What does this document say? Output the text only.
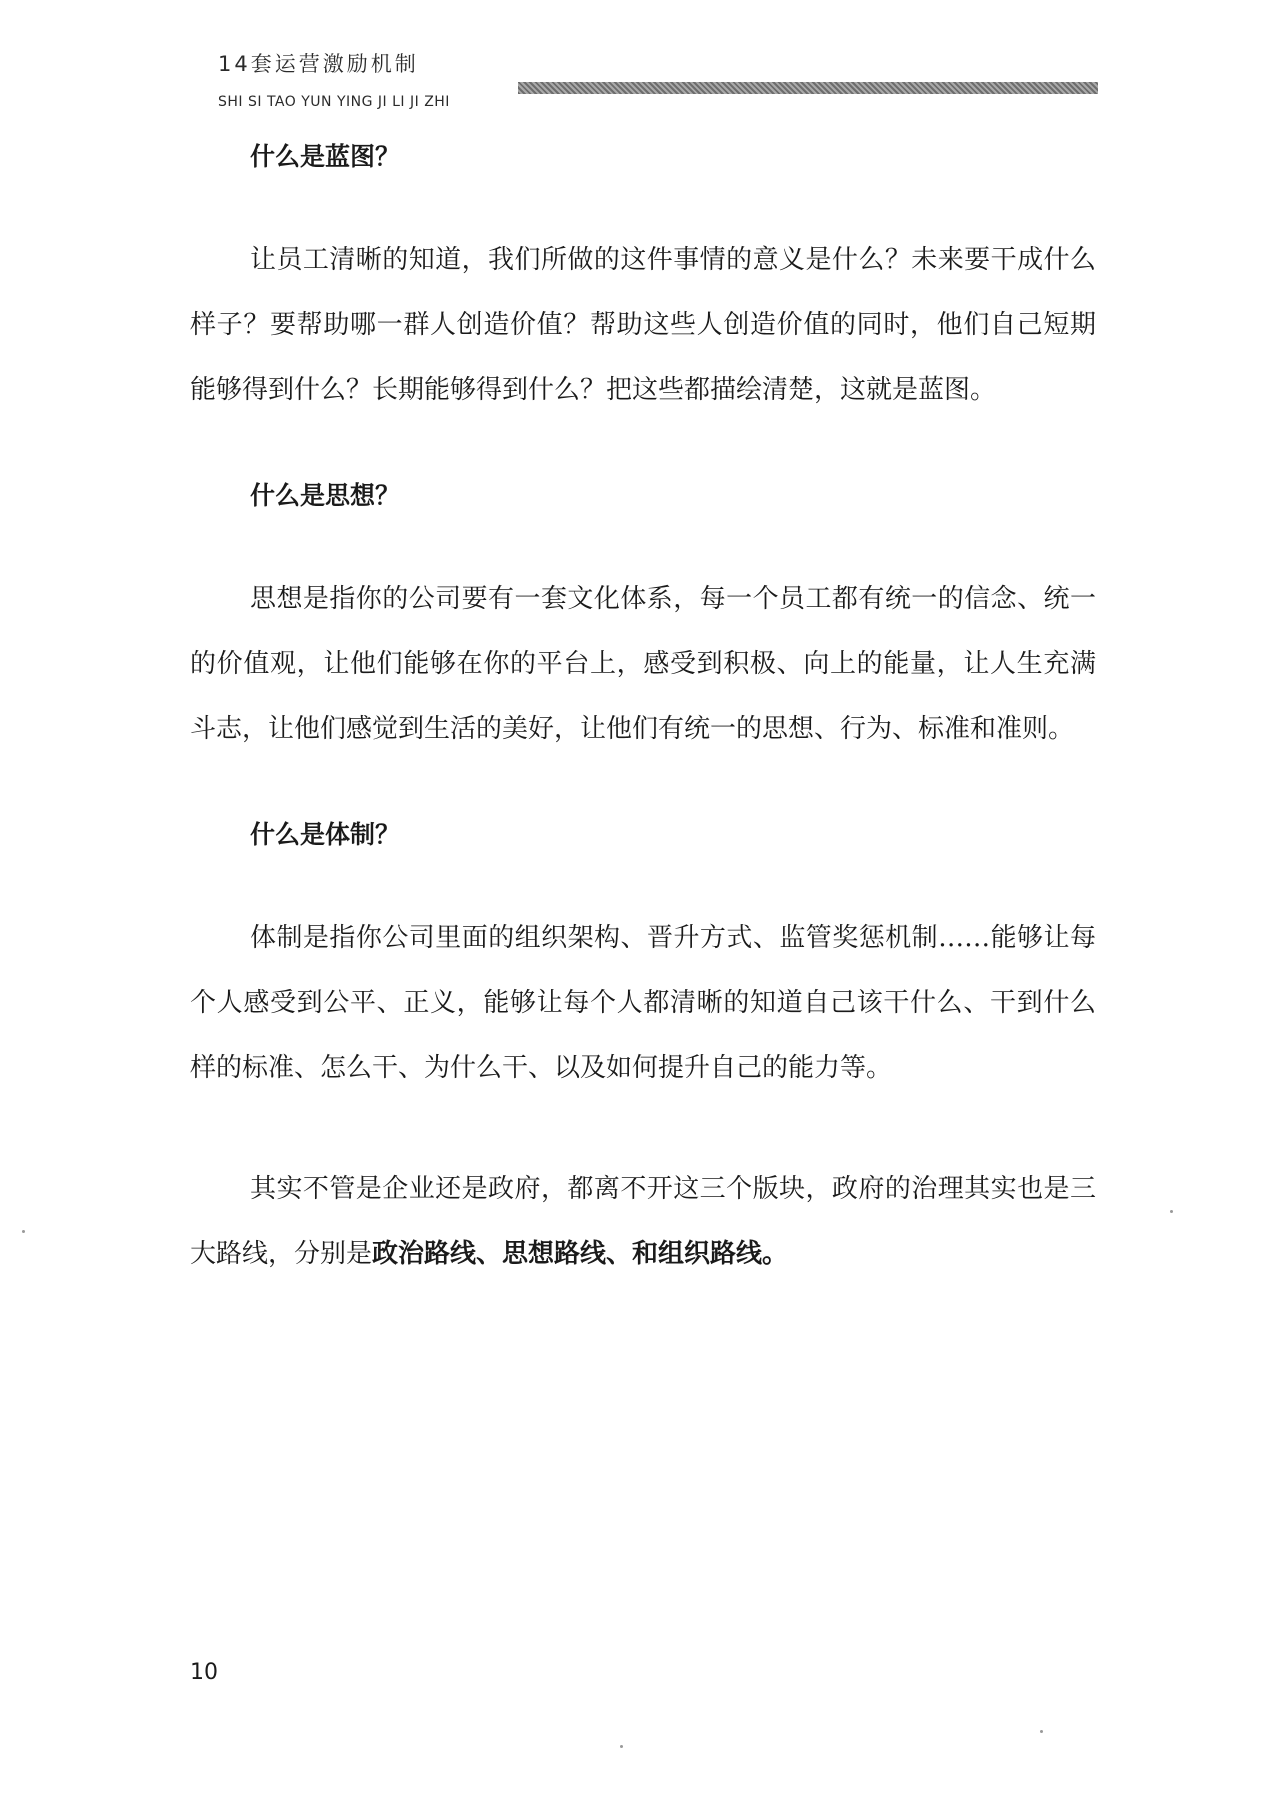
14套运营激励机制
SHI SI TAO YUN YING JI LI JI ZHI
什么是蓝图？

让员工清晰的知道，我们所做的这件事情的意义是什么？未来要干成什么样子？要帮助哪一群人创造价值？帮助这些人创造价值的同时，他们自己短期能够得到什么？长期能够得到什么？把这些都描绘清楚，这就是蓝图。

什么是思想？

思想是指你的公司要有一套文化体系，每一个员工都有统一的信念、统一的价值观，让他们能够在你的平台上，感受到积极、向上的能量，让人生充满斗志，让他们感觉到生活的美好，让他们有统一的思想、行为、标准和准则。

什么是体制？

体制是指你公司里面的组织架构、晋升方式、监管奖惩机制……能够让每个人感受到公平、正义，能够让每个人都清晰的知道自己该干什么、干到什么样的标准、怎么干、为什么干、以及如何提升自己的能力等。

其实不管是企业还是政府，都离不开这三个版块，政府的治理其实也是三大路线，分别是政治路线、思想路线、和组织路线。

10
